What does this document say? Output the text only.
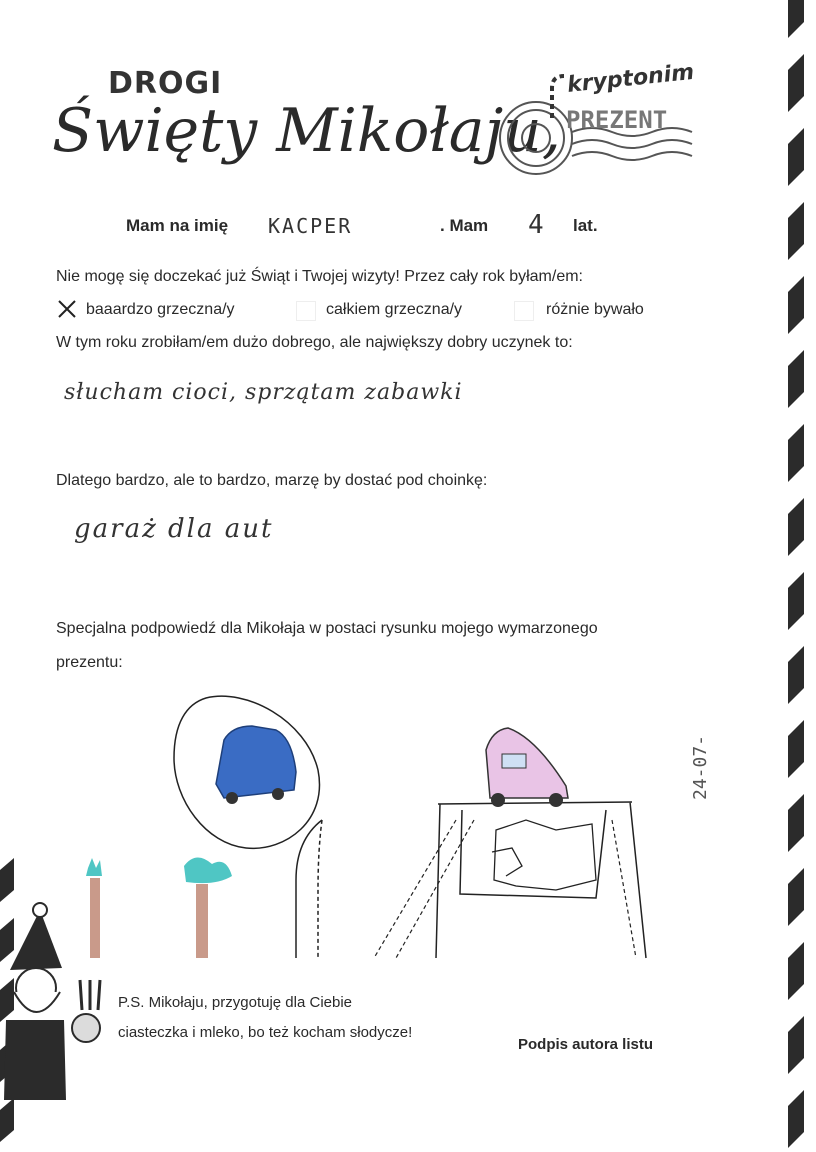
DROGI
Święty Mikołaju,
kryptonim
PREZENT
Mam na imię KACPER	. Mam 4 lat.
Nie mogę się doczekać już Świąt i Twojej wizyty! Przez cały rok byłam/em:
baaardzo grzeczna/y	całkiem grzeczna/y	różnie bywało
W tym roku zrobiłam/em dużo dobrego, ale największy dobry uczynek to:
słucham cioci, sprzątam zabawki
Dlatego bardzo, ale to bardzo, marzę by dostać pod choinkę:
garaż dla aut
Specjalna podpowiedź dla Mikołaja w postaci rysunku mojego wymarzonego
prezentu:
24-07-
P.S. Mikołaju, przygotuję dla Ciebie
ciasteczka i mleko, bo też kocham słodycze!
Podpis autora listu
